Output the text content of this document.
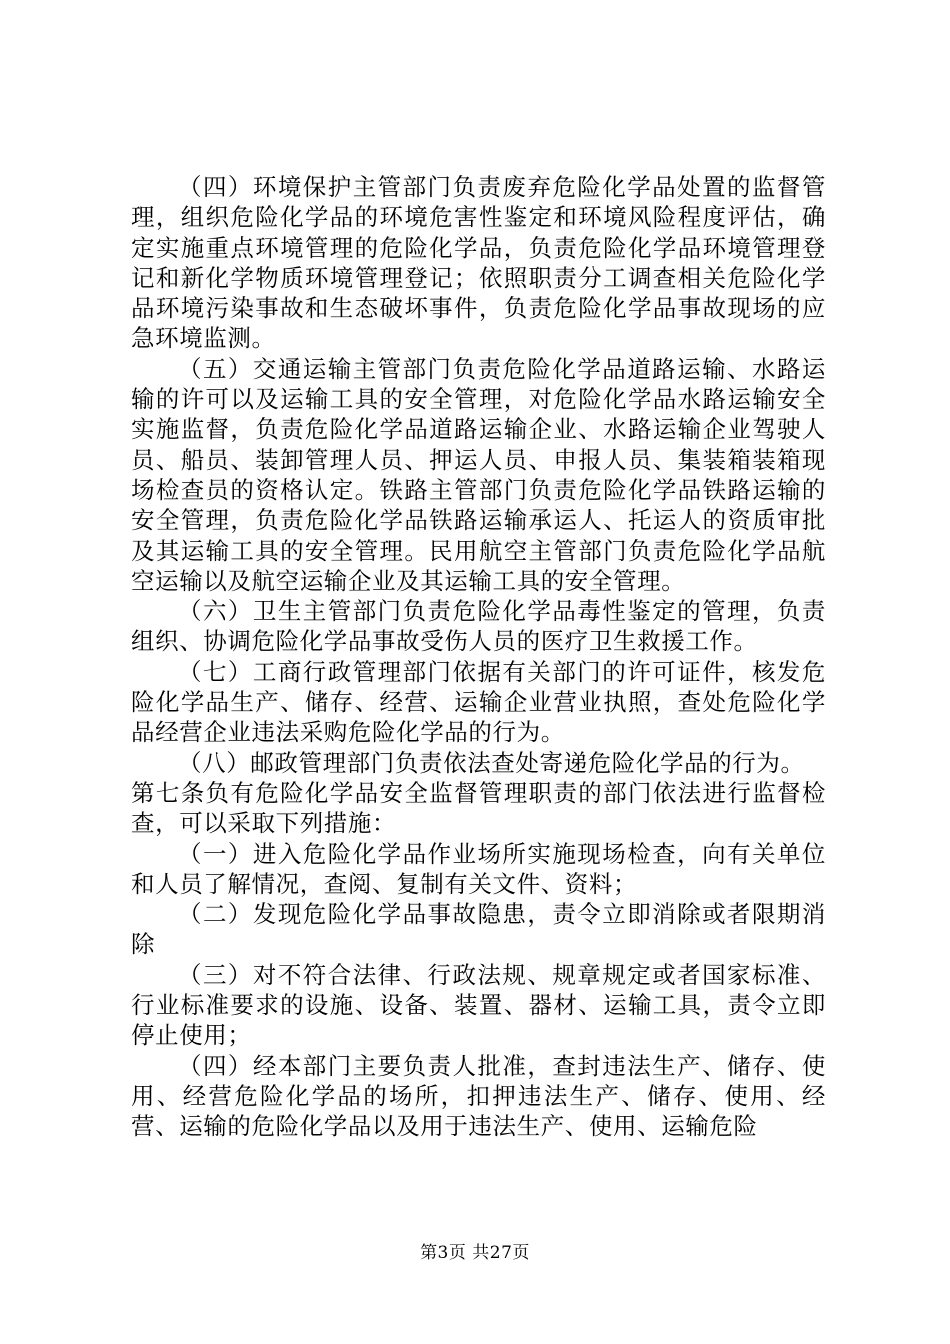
（四）环境保护主管部门负责废弃危险化学品处置的监督管理，组织危险化学品的环境危害性鉴定和环境风险程度评估，确定实施重点环境管理的危险化学品，负责危险化学品环境管理登记和新化学物质环境管理登记；依照职责分工调查相关危险化学品环境污染事故和生态破坏事件，负责危险化学品事故现场的应急环境监测。

（五）交通运输主管部门负责危险化学品道路运输、水路运输的许可以及运输工具的安全管理，对危险化学品水路运输安全实施监督，负责危险化学品道路运输企业、水路运输企业驾驶人员、船员、装卸管理人员、押运人员、申报人员、集装箱装箱现场检查员的资格认定。铁路主管部门负责危险化学品铁路运输的安全管理，负责危险化学品铁路运输承运人、托运人的资质审批及其运输工具的安全管理。民用航空主管部门负责危险化学品航空运输以及航空运输企业及其运输工具的安全管理。

（六）卫生主管部门负责危险化学品毒性鉴定的管理，负责组织、协调危险化学品事故受伤人员的医疗卫生救援工作。

（七）工商行政管理部门依据有关部门的许可证件，核发危险化学品生产、储存、经营、运输企业营业执照，查处危险化学品经营企业违法采购危险化学品的行为。

（八）邮政管理部门负责依法查处寄递危险化学品的行为。

第七条负有危险化学品安全监督管理职责的部门依法进行监督检查，可以采取下列措施：

（一）进入危险化学品作业场所实施现场检查，向有关单位和人员了解情况，查阅、复制有关文件、资料；

（二）发现危险化学品事故隐患，责令立即消除或者限期消除

（三）对不符合法律、行政法规、规章规定或者国家标准、行业标准要求的设施、设备、装置、器材、运输工具，责令立即停止使用；

（四）经本部门主要负责人批准，查封违法生产、储存、使用、经营危险化学品的场所，扣押违法生产、储存、使用、经营、运输的危险化学品以及用于违法生产、使用、运输危险

第3页 共27页
